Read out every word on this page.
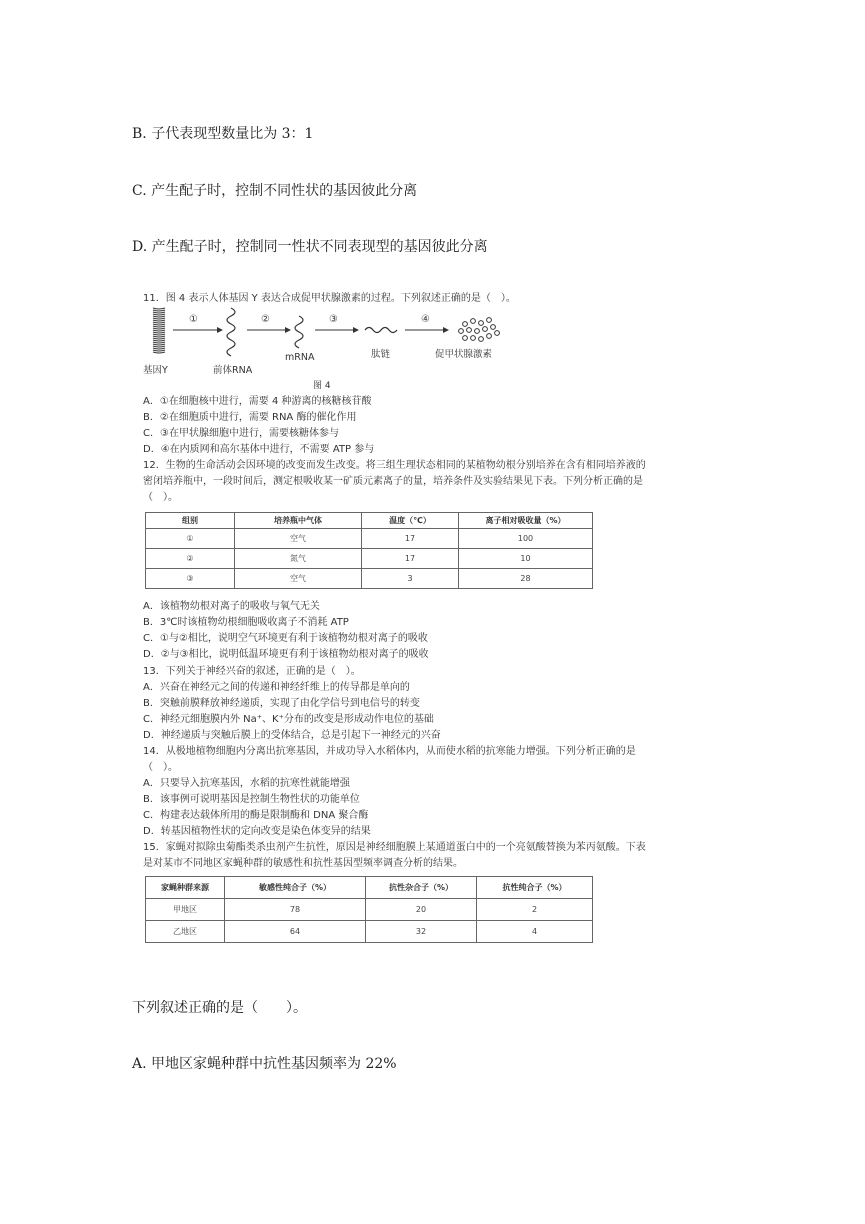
B. 子代表现型数量比为 3：1
C. 产生配子时，控制不同性状的基因彼此分离
D. 产生配子时，控制同一性状不同表现型的基因彼此分离
11．图 4 表示人体基因 Y 表达合成促甲状腺激素的过程。下列叙述正确的是（　）。
①	②	③	④
基因Y	前体RNA
mRNA	肽链	促甲状腺激素
图 4
A．①在细胞核中进行，需要 4 种游离的核糖核苷酸
B．②在细胞质中进行，需要 RNA 酶的催化作用
C．③在甲状腺细胞中进行，需要核糖体参与
D．④在内质网和高尔基体中进行，不需要 ATP 参与
12．生物的生命活动会因环境的改变而发生改变。将三组生理状态相同的某植物幼根分别培养在含有相同培养液的
密闭培养瓶中，一段时间后，测定根吸收某一矿质元素离子的量，培养条件及实验结果见下表。下列分析正确的是
（　）。
组别	培养瓶中气体	温度（℃）	离子相对吸收量（%）
①	空气	17	100
②	氮气	17	10
③	空气	3	28
A．该植物幼根对离子的吸收与氧气无关
B．3℃时该植物幼根细胞吸收离子不消耗 ATP
C．①与②相比，说明空气环境更有利于该植物幼根对离子的吸收
D．②与③相比，说明低温环境更有利于该植物幼根对离子的吸收
13．下列关于神经兴奋的叙述，正确的是（　）。
A．兴奋在神经元之间的传递和神经纤维上的传导都是单向的
B．突触前膜释放神经递质，实现了由化学信号到电信号的转变
C．神经元细胞膜内外 Na⁺、K⁺分布的改变是形成动作电位的基础
D．神经递质与突触后膜上的受体结合，总是引起下一神经元的兴奋
14．从极地植物细胞内分离出抗寒基因，并成功导入水稻体内，从而使水稻的抗寒能力增强。下列分析正确的是
（　）。
A．只要导入抗寒基因，水稻的抗寒性就能增强
B．该事例可说明基因是控制生物性状的功能单位
C．构建表达载体所用的酶是限制酶和 DNA 聚合酶
D．转基因植物性状的定向改变是染色体变异的结果
15．家蝇对拟除虫菊酯类杀虫剂产生抗性，原因是神经细胞膜上某通道蛋白中的一个亮氨酸替换为苯丙氨酸。下表
是对某市不同地区家蝇种群的敏感性和抗性基因型频率调查分析的结果。
家蝇种群来源	敏感性纯合子（%）	抗性杂合子（%）	抗性纯合子（%）
甲地区	78	20	2
乙地区	64	32	4
下列叙述正确的是（　　）。
A. 甲地区家蝇种群中抗性基因频率为 22%
